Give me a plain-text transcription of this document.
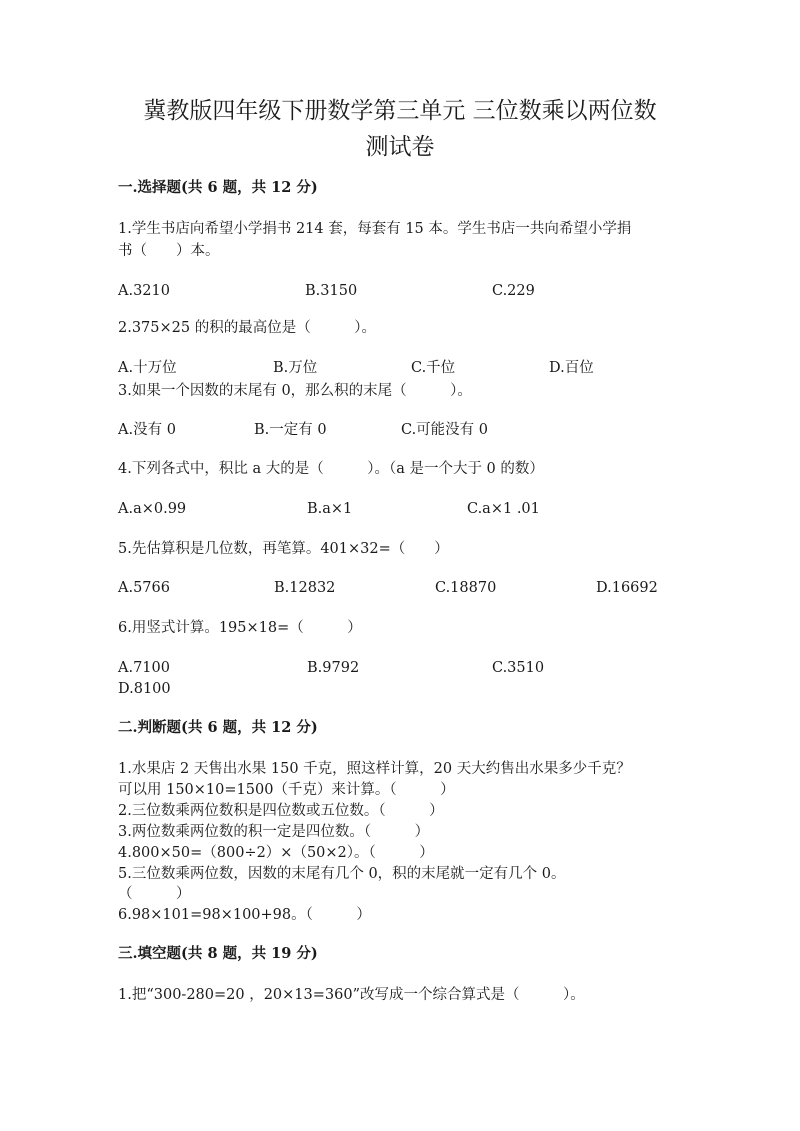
冀教版四年级下册数学第三单元 三位数乘以两位数
测试卷
一.选择题(共 6 题，共 12 分)
1.学生书店向希望小学捐书 214 套，每套有 15 本。学生书店一共向希望小学捐
书（　　）本。
A.3210	B.3150	C.229
2.375×25 的积的最高位是（　　　）。
A.十万位	B.万位	C.千位	D.百位
3.如果一个因数的末尾有 0，那么积的末尾（　　　）。
A.没有 0	B.一定有 0	C.可能没有 0
4.下列各式中，积比 a 大的是（　　　）。（a 是一个大于 0 的数）
A.a×0.99	B.a×1	C.a×1 .01
5.先估算积是几位数，再笔算。401×32=（　　）
A.5766	B.12832	C.18870	D.16692
6.用竖式计算。195×18=（　　　）
A.7100	B.9792	C.3510
D.8100
二.判断题(共 6 题，共 12 分)
1.水果店 2 天售出水果 150 千克，照这样计算，20 天大约售出水果多少千克？
可以用 150×10=1500（千克）来计算。（　　　）
2.三位数乘两位数积是四位数或五位数。（　　　）
3.两位数乘两位数的积一定是四位数。（　　　）
4.800×50=（800÷2）×（50×2）。（　　　）
5.三位数乘两位数，因数的末尾有几个 0，积的末尾就一定有几个 0。
（　　　）
6.98×101=98×100+98。（　　　）
三.填空题(共 8 题，共 19 分)
1.把“300-280=20 ，20×13=360”改写成一个综合算式是（　　　）。
